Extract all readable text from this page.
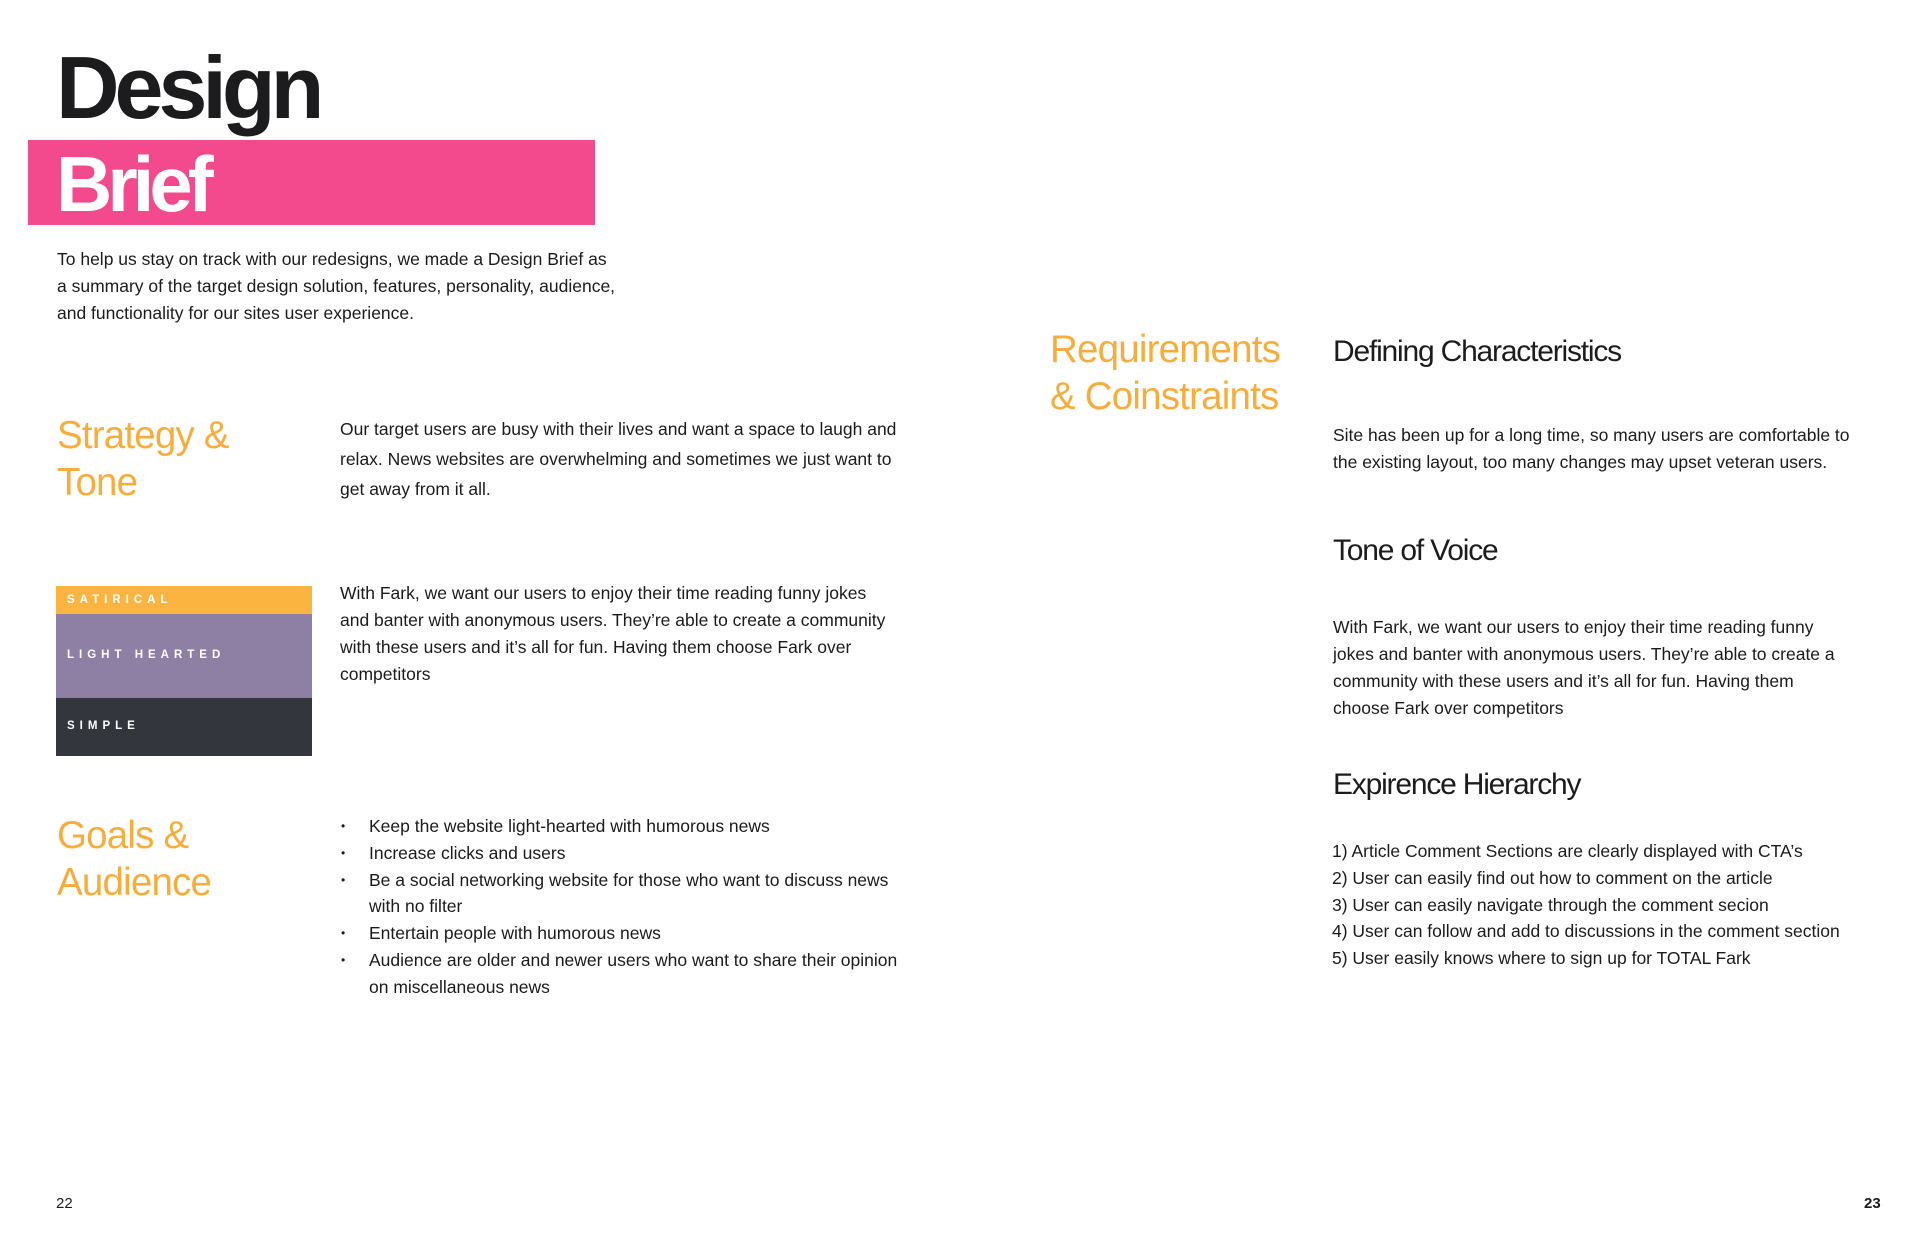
Design
Brief
To help us stay on track with our redesigns, we made a Design Brief as a summary of the target design solution, features, personality, audience, and functionality for our sites user experience.
Strategy &
Tone
Our target users are busy with their lives and want a space to laugh and relax. News websites are overwhelming and sometimes we just want to get away from it all.
SATIRICAL
LIGHT HEARTED
SIMPLE
With Fark, we want our users to enjoy their time reading funny jokes and banter with anonymous users. They’re able to create a community with these users and it’s all for fun. Having them choose Fark over competitors
Goals &
Audience
• Keep the website light-hearted with humorous news
• Increase clicks and users
• Be a social networking website for those who want to discuss news with no filter
• Entertain people with humorous news
• Audience are older and newer users who want to share their opinion on miscellaneous news
Requirements
& Coinstraints
Defining Characteristics
Site has been up for a long time, so many users are comfortable to the existing layout, too many changes may upset veteran users.
Tone of Voice
With Fark, we want our users to enjoy their time reading funny jokes and banter with anonymous users. They’re able to create a community with these users and it’s all for fun. Having them choose Fark over competitors
Expirence Hierarchy
1) Article Comment Sections are clearly displayed with CTA’s
2) User can easily find out how to comment on the article
3) User can easily navigate through the comment secion
4) User can follow and add to discussions in the comment section
5) User easily knows where to sign up for TOTAL Fark
22	23
